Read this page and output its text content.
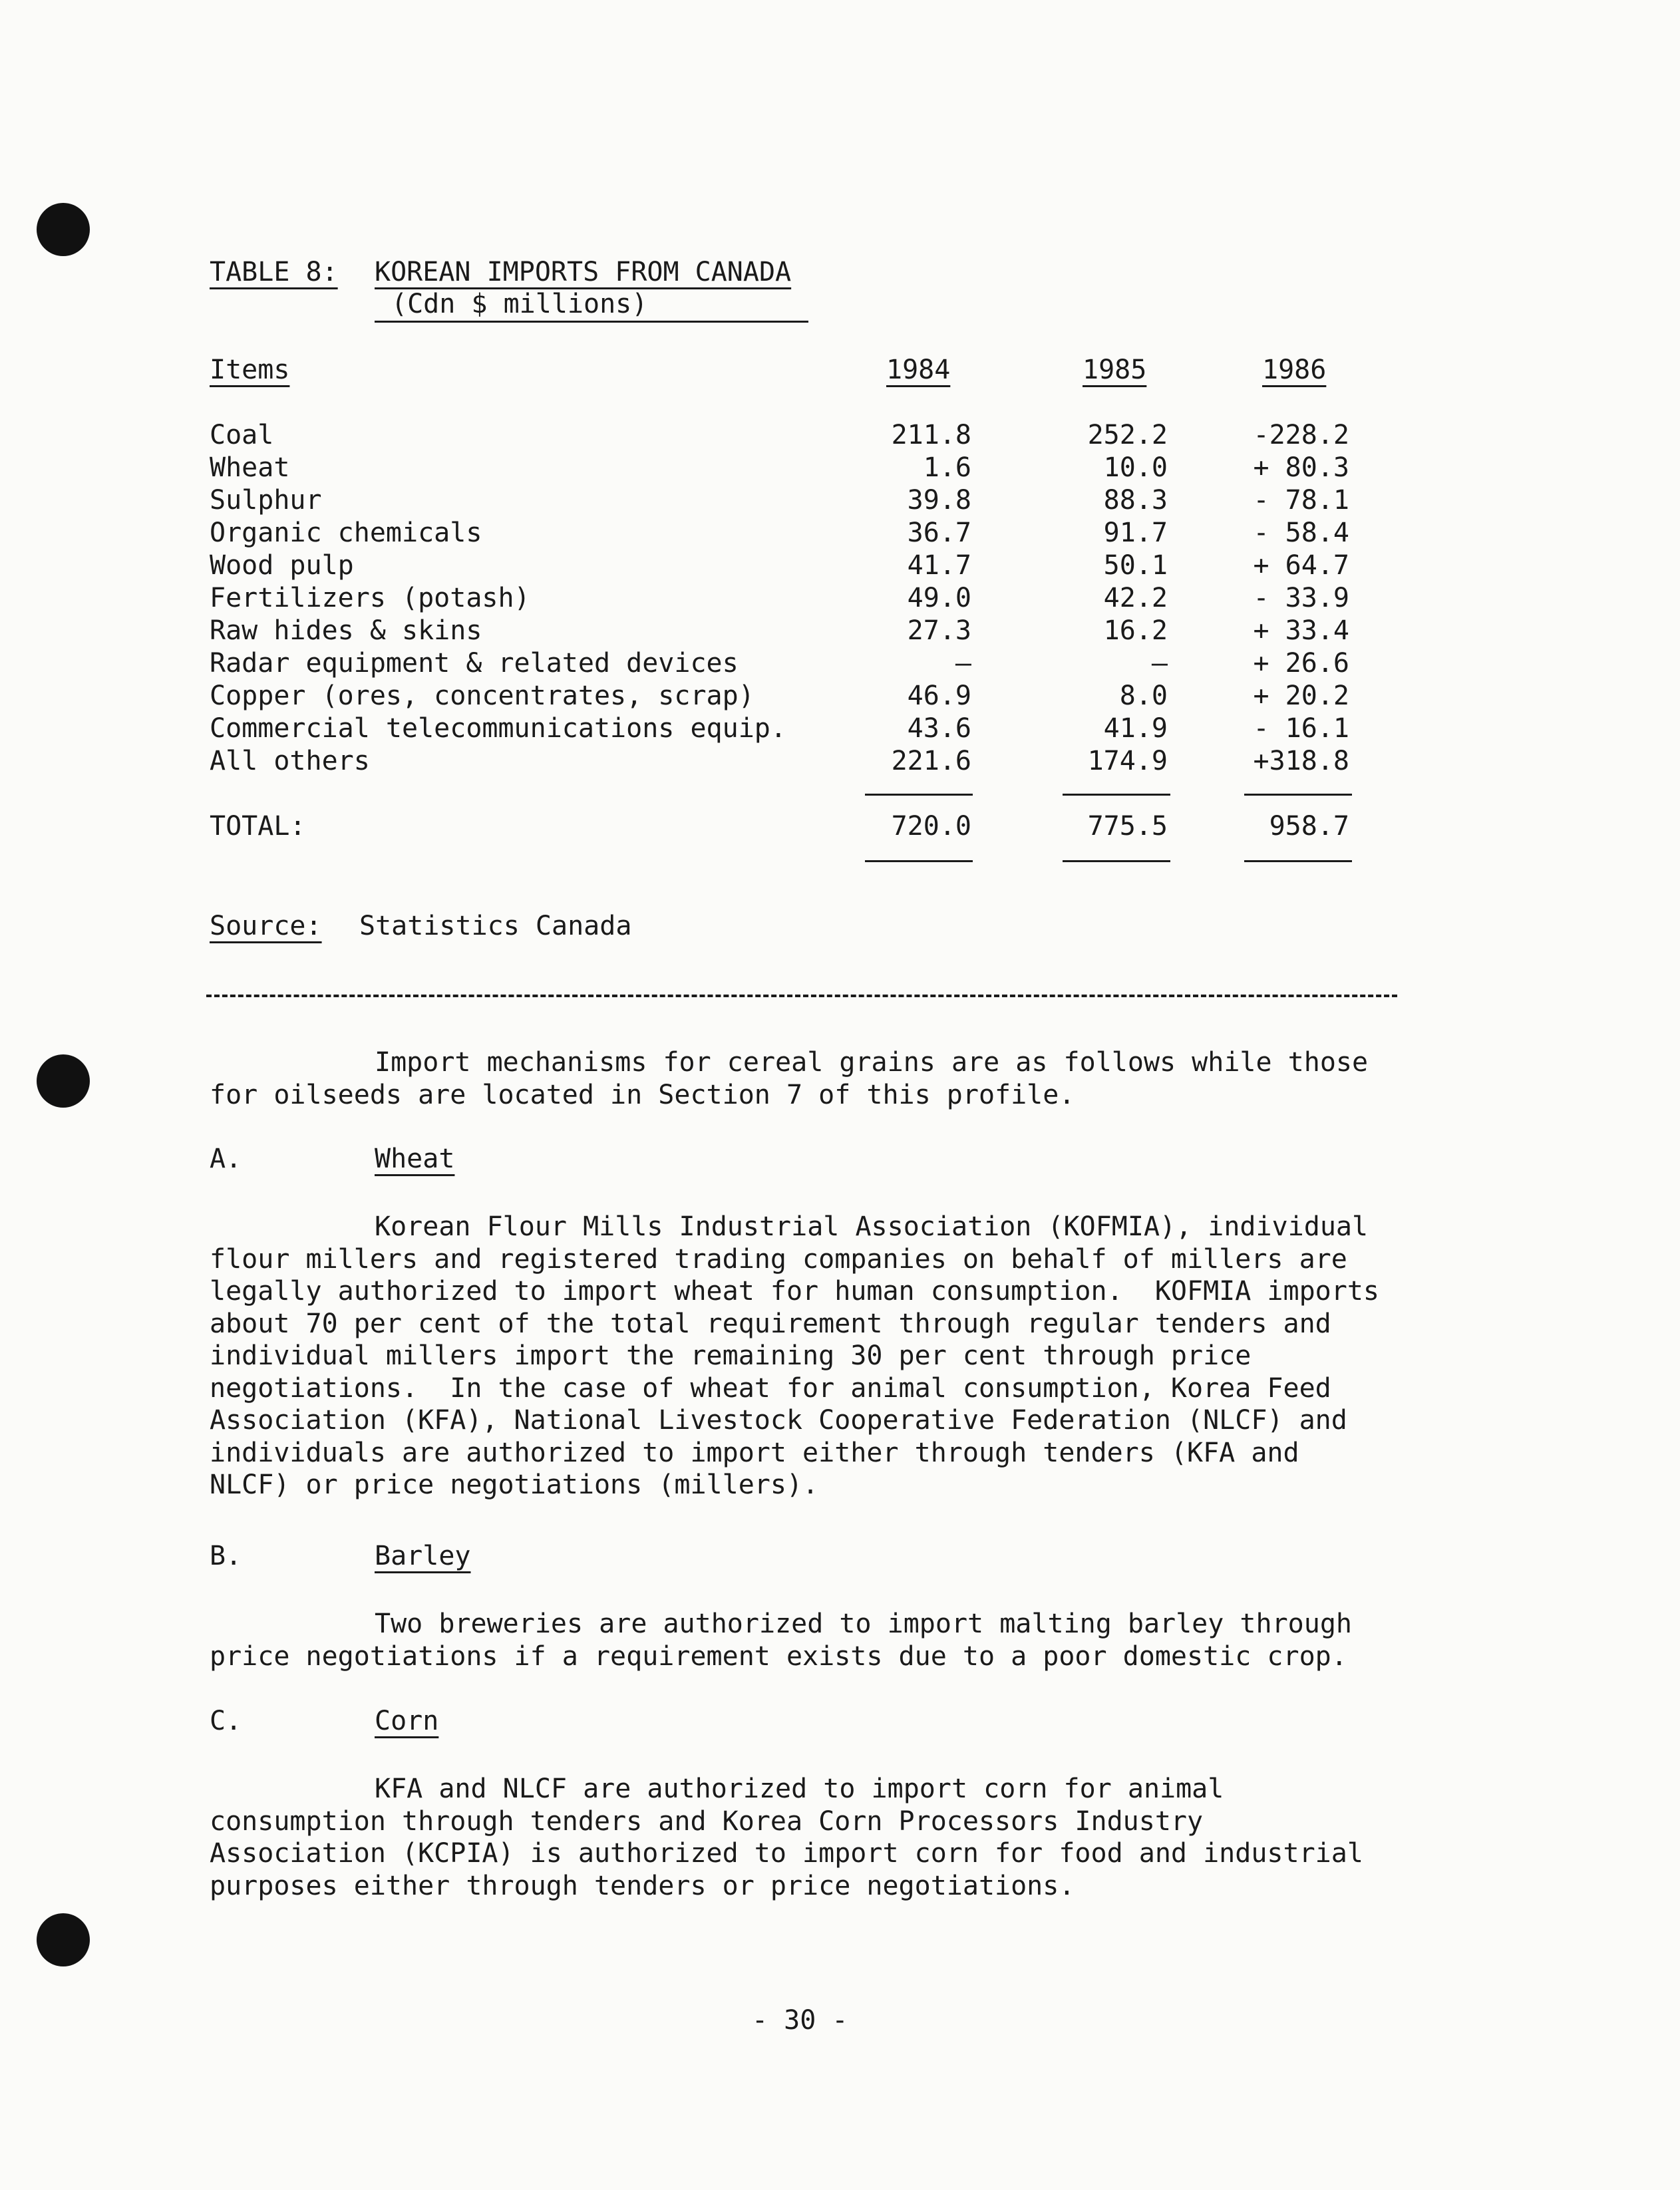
TABLE 8: KOREAN IMPORTS FROM CANADA
(Cdn $ millions)
Items	1984	1985	1986
Coal	211.8	252.2	-228.2
Wheat	1.6	10.0	+ 80.3
Sulphur	39.8	88.3	- 78.1
Organic chemicals	36.7	91.7	- 58.4
Wood pulp	41.7	50.1	+ 64.7
Fertilizers (potash)	49.0	42.2	- 33.9
Raw hides & skins	27.3	16.2	+ 33.4
Radar equipment & related devices	—	—	+ 26.6
Copper (ores, concentrates, scrap)	46.9	8.0	+ 20.2
Commercial telecommunications equip.	43.6	41.9	- 16.1
All others	221.6	174.9	+318.8
TOTAL:	720.0	775.5	958.7
Source: Statistics Canada
Import mechanisms for cereal grains are as follows while those
for oilseeds are located in Section 7 of this profile.
A.	Wheat
Korean Flour Mills Industrial Association (KOFMIA), individual
flour millers and registered trading companies on behalf of millers are
legally authorized to import wheat for human consumption.  KOFMIA imports
about 70 per cent of the total requirement through regular tenders and
individual millers import the remaining 30 per cent through price
negotiations.  In the case of wheat for animal consumption, Korea Feed
Association (KFA), National Livestock Cooperative Federation (NLCF) and
individuals are authorized to import either through tenders (KFA and
NLCF) or price negotiations (millers).
B.	Barley
Two breweries are authorized to import malting barley through
price negotiations if a requirement exists due to a poor domestic crop.
C.	Corn
KFA and NLCF are authorized to import corn for animal
consumption through tenders and Korea Corn Processors Industry
Association (KCPIA) is authorized to import corn for food and industrial
purposes either through tenders or price negotiations.
- 30 -
